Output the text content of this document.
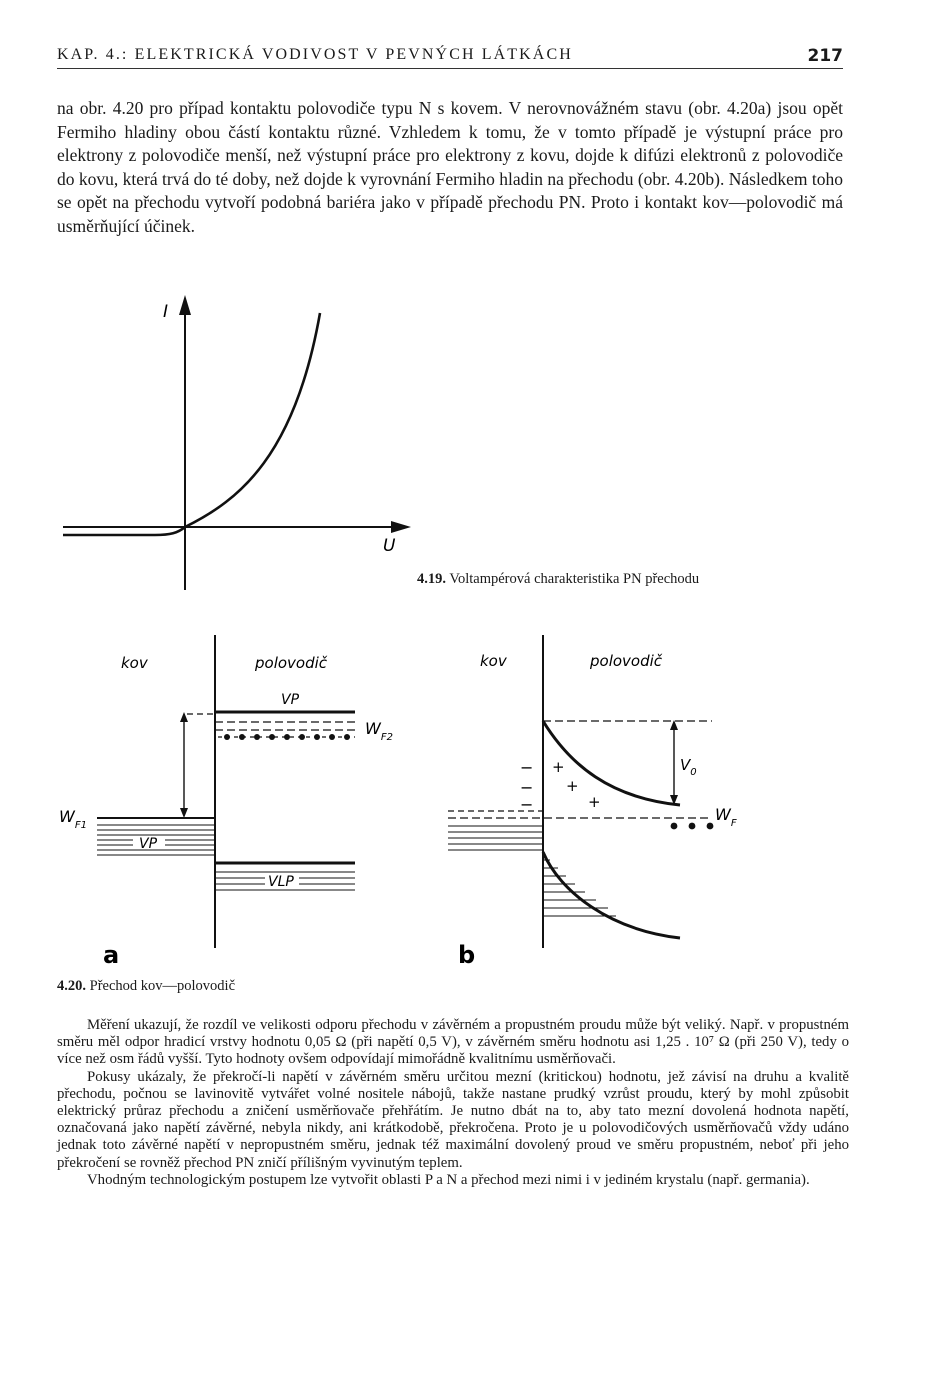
KAP. 4.: ELEKTRICKÁ VODIVOST V PEVNÝCH LÁTKÁCH	217

na obr. 4.20 pro případ kontaktu polovodiče typu N s kovem. V nerovnovážném stavu (obr. 4.20a) jsou opět Fermiho hladiny obou částí kontaktu různé. Vzhledem k tomu, že v tomto případě je výstupní práce pro elektrony z polovodiče menší, než výstupní práce pro elektrony z kovu, dojde k difúzi elektronů z polovodiče do kovu, která trvá do té doby, než dojde k vyrovnání Fermiho hladin na přechodu (obr. 4.20b). Následkem toho se opět na přechodu vytvoří podobná bariéra jako v případě přechodu PN. Proto i kontakt kov—polovodič má usměrňující účinek.

I
U
4.19. Voltampérová charakteristika PN přechodu
kov	polovodič
VP
$W_{F2}$
$W_{F1}$
VP
VLP
a
kov	polovodič
$V_0$
−
−
−
+
+
+
$W_F$
b
4.20. Přechod kov—polovodič

Měření ukazují, že rozdíl ve velikosti odporu přechodu v závěrném a propustném proudu může být veliký. Např. v propustném směru měl odpor hradicí vrstvy hodnotu 0,05 Ω (při napětí 0,5 V), v závěrném směru hodnotu asi 1,25 . 10⁷ Ω (při 250 V), tedy o více než osm řádů vyšší. Tyto hodnoty ovšem odpovídají mimořádně kvalitnímu usměrňovači.

Pokusy ukázaly, že překročí-li napětí v závěrném směru určitou mezní (kritickou) hodnotu, jež závisí na druhu a kvalitě přechodu, počnou se lavinovitě vytvářet volné nositele nábojů, takže nastane prudký vzrůst proudu, který by mohl způsobit elektrický průraz přechodu a zničení usměrňovače přehřátím. Je nutno dbát na to, aby tato mezní dovolená hodnota napětí, označovaná jako napětí závěrné, nebyla nikdy, ani krátkodobě, překročena. Proto je u polovodičových usměrňovačů vždy udáno jednak toto závěrné napětí v nepropustném směru, jednak též maximální dovolený proud ve směru propustném, neboť při jeho překročení se rovněž přechod PN zničí přílišným vyvinutým teplem.

Vhodným technologickým postupem lze vytvořit oblasti P a N a přechod mezi nimi i v jediném krystalu (např. germania).
